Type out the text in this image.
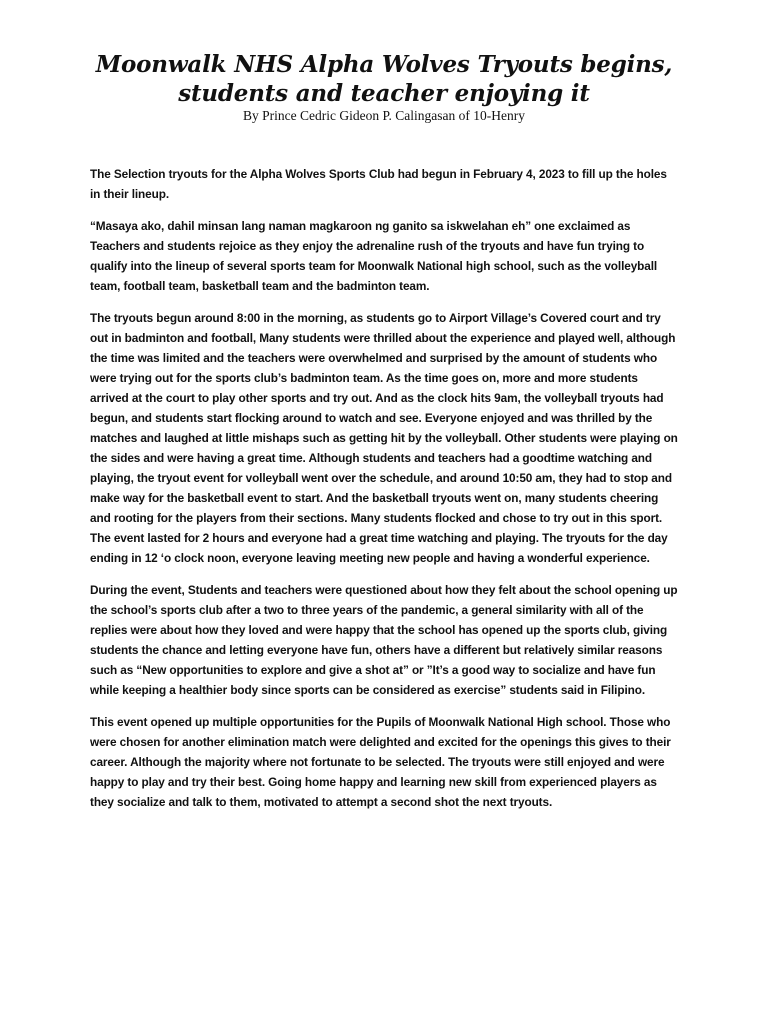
Moonwalk NHS Alpha Wolves Tryouts begins,
students and teacher enjoying it

By Prince Cedric Gideon P. Calingasan of 10-Henry

The Selection tryouts for the Alpha Wolves Sports Club had begun in February 4, 2023 to fill up the holes in their lineup.

“Masaya ako, dahil minsan lang naman magkaroon ng ganito sa iskwelahan eh” one exclaimed as Teachers and students rejoice as they enjoy the adrenaline rush of the tryouts and have fun trying to qualify into the lineup of several sports team for Moonwalk National high school, such as the volleyball team, football team, basketball team and the badminton team.

The tryouts begun around 8:00 in the morning, as students go to Airport Village’s Covered court and try out in badminton and football, Many students were thrilled about the experience and played well, although the time was limited and the teachers were overwhelmed and surprised by the amount of students who were trying out for the sports club’s badminton team. As the time goes on, more and more students arrived at the court to play other sports and try out. And as the clock hits 9am, the volleyball tryouts had begun, and students start flocking around to watch and see. Everyone enjoyed and was thrilled by the matches and laughed at little mishaps such as getting hit by the volleyball. Other students were playing on the sides and were having a great time. Although students and teachers had a goodtime watching and playing, the tryout event for volleyball went over the schedule, and around 10:50 am, they had to stop and make way for the basketball event to start. And the basketball tryouts went on, many students cheering and rooting for the players from their sections. Many students flocked and chose to try out in this sport. The event lasted for 2 hours and everyone had a great time watching and playing. The tryouts for the day ending in 12 ‘o clock noon, everyone leaving meeting new people and having a wonderful experience.

During the event, Students and teachers were questioned about how they felt about the school opening up the school’s sports club after a two to three years of the pandemic, a general similarity with all of the replies were about how they loved and were happy that the school has opened up the sports club, giving students the chance and letting everyone have fun, others have a different but relatively similar reasons such as “New opportunities to explore and give a shot at” or ”It’s a good way to socialize and have fun while keeping a healthier body since sports can be considered as exercise” students said in Filipino.

This event opened up multiple opportunities for the Pupils of Moonwalk National High school. Those who were chosen for another elimination match were delighted and excited for the openings this gives to their career. Although the majority where not fortunate to be selected. The tryouts were still enjoyed and were happy to play and try their best. Going home happy and learning new skill from experienced players as they socialize and talk to them, motivated to attempt a second shot the next tryouts.
